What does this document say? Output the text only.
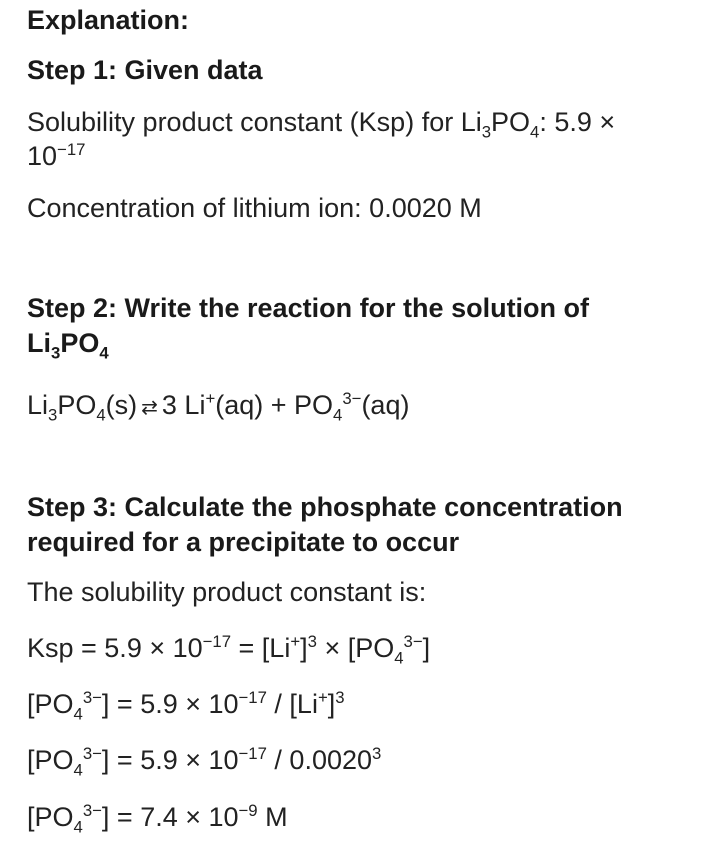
Explanation:
Step 1: Given data
Solubility product constant (Ksp) for $Li_3PO_4$: 5.9 ×
$10^{-17}$
Concentration of lithium ion: 0.0020 M
Step 2: Write the reaction for the solution of
$Li_3PO_4$
$Li_3PO_4(s)$ ⇄ 3 $Li^+(aq) + PO_4^{3-}(aq)$
Step 3: Calculate the phosphate concentration
required for a precipitate to occur
The solubility product constant is:
Ksp = $5.9 \times 10^{-17} = [Li^+]^3 \times [PO_4^{3-}]$
$[PO_4^{3-}] = 5.9 \times 10^{-17} / [Li^+]^3$
$[PO_4^{3-}] = 5.9 \times 10^{-17} / 0.0020^3$
$[PO_4^{3-}] = 7.4 \times 10^{-9}$ M
